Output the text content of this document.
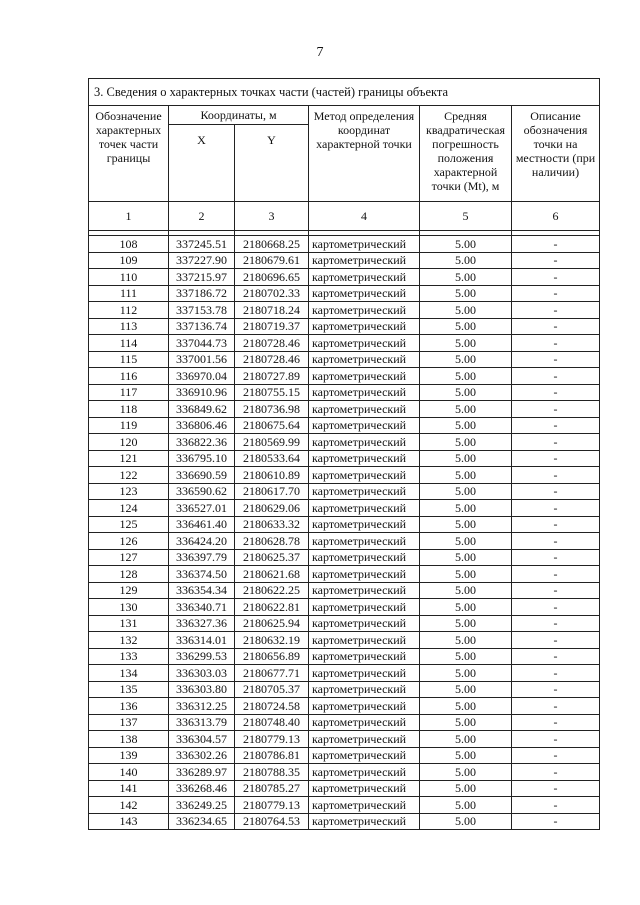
7
3. Сведения о характерных точках части (частей) границы объекта					
Обозначение характерных точек части границы	Координаты, м		Метод определения координат характерной точки	Средняя квадратическая погрешность положения характерной точки (Mt), м	Описание обозначения точки на местности (при наличии)
	X	Y			
1	2	3	4	5	6

108	337245.51	2180668.25	картометрический	5.00	-
109	337227.90	2180679.61	картометрический	5.00	-
110	337215.97	2180696.65	картометрический	5.00	-
111	337186.72	2180702.33	картометрический	5.00	-
112	337153.78	2180718.24	картометрический	5.00	-
113	337136.74	2180719.37	картометрический	5.00	-
114	337044.73	2180728.46	картометрический	5.00	-
115	337001.56	2180728.46	картометрический	5.00	-
116	336970.04	2180727.89	картометрический	5.00	-
117	336910.96	2180755.15	картометрический	5.00	-
118	336849.62	2180736.98	картометрический	5.00	-
119	336806.46	2180675.64	картометрический	5.00	-
120	336822.36	2180569.99	картометрический	5.00	-
121	336795.10	2180533.64	картометрический	5.00	-
122	336690.59	2180610.89	картометрический	5.00	-
123	336590.62	2180617.70	картометрический	5.00	-
124	336527.01	2180629.06	картометрический	5.00	-
125	336461.40	2180633.32	картометрический	5.00	-
126	336424.20	2180628.78	картометрический	5.00	-
127	336397.79	2180625.37	картометрический	5.00	-
128	336374.50	2180621.68	картометрический	5.00	-
129	336354.34	2180622.25	картометрический	5.00	-
130	336340.71	2180622.81	картометрический	5.00	-
131	336327.36	2180625.94	картометрический	5.00	-
132	336314.01	2180632.19	картометрический	5.00	-
133	336299.53	2180656.89	картометрический	5.00	-
134	336303.03	2180677.71	картометрический	5.00	-
135	336303.80	2180705.37	картометрический	5.00	-
136	336312.25	2180724.58	картометрический	5.00	-
137	336313.79	2180748.40	картометрический	5.00	-
138	336304.57	2180779.13	картометрический	5.00	-
139	336302.26	2180786.81	картометрический	5.00	-
140	336289.97	2180788.35	картометрический	5.00	-
141	336268.46	2180785.27	картометрический	5.00	-
142	336249.25	2180779.13	картометрический	5.00	-
143	336234.65	2180764.53	картометрический	5.00	-
